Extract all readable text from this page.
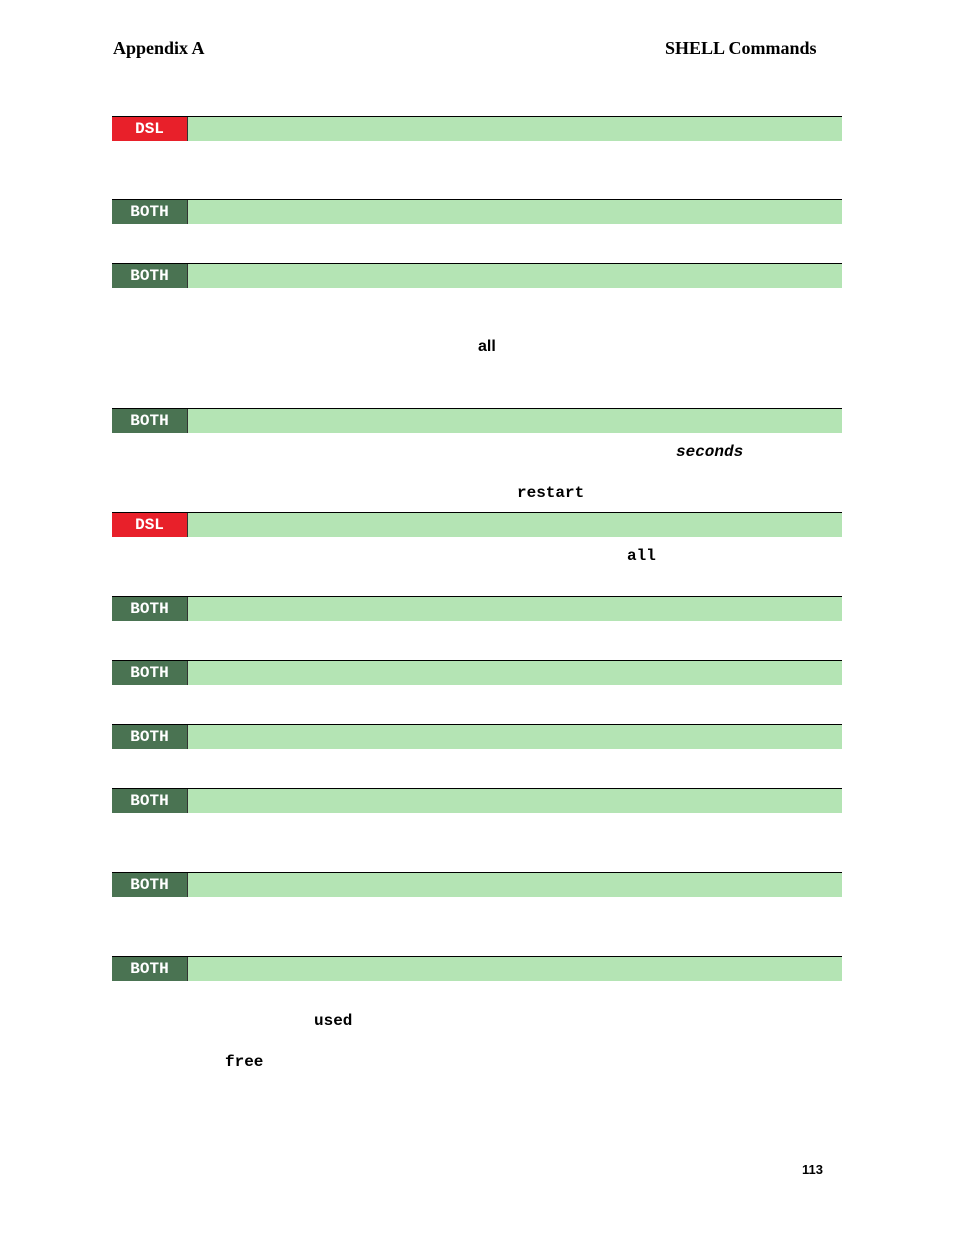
Appendix A	SHELL Commands
DSL
BOTH
BOTH
all
BOTH
seconds
restart
DSL
all
BOTH
BOTH
BOTH
BOTH
BOTH
BOTH
used
free
113
